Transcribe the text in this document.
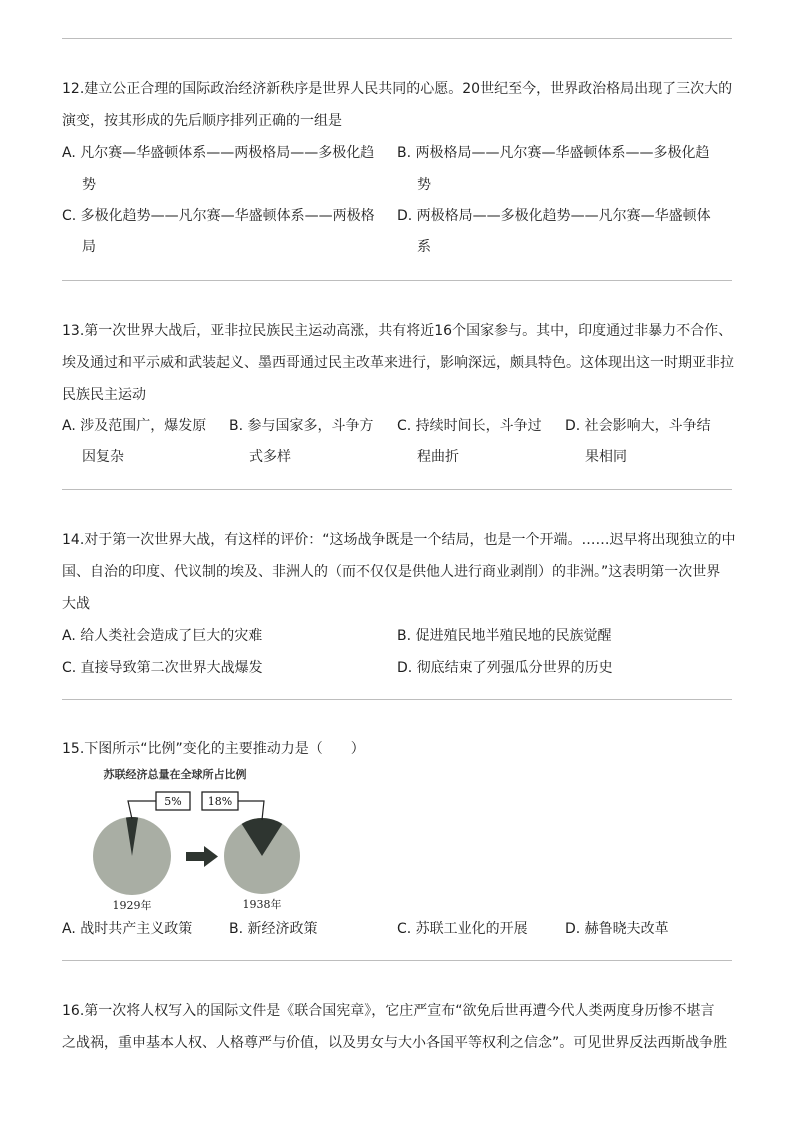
12.建立公正合理的国际政治经济新秩序是世界人民共同的心愿。20世纪至今，世界政治格局出现了三次大的
演变，按其形成的先后顺序排列正确的一组是
A. 凡尔赛—华盛顿体系——两极格局——多极化趋
势
B. 两极格局——凡尔赛—华盛顿体系——多极化趋
势
C. 多极化趋势——凡尔赛—华盛顿体系——两极格
局
D. 两极格局——多极化趋势——凡尔赛—华盛顿体
系
13.第一次世界大战后，亚非拉民族民主运动高涨，共有将近16个国家参与。其中，印度通过非暴力不合作、
埃及通过和平示威和武装起义、墨西哥通过民主改革来进行，影响深远，颇具特色。这体现出这一时期亚非拉
民族民主运动
A. 涉及范围广，爆发原
因复杂
B. 参与国家多，斗争方
式多样
C. 持续时间长，斗争过
程曲折
D. 社会影响大，斗争结
果相同
14.对于第一次世界大战，有这样的评价：“这场战争既是一个结局，也是一个开端。……迟早将出现独立的中
国、自治的印度、代议制的埃及、非洲人的（而不仅仅是供他人进行商业剥削）的非洲。”这表明第一次世界
大战
A. 给人类社会造成了巨大的灾难	B. 促进殖民地半殖民地的民族觉醒
C. 直接导致第二次世界大战爆发	D. 彻底结束了列强瓜分世界的历史
15.下图所示“比例”变化的主要推动力是（　　）
苏联经济总量在全球所占比例
5%
1929年
18%
1938年
A. 战时共产主义政策	B. 新经济政策	C. 苏联工业化的开展	D. 赫鲁晓夫改革
16.第一次将人权写入的国际文件是《联合国宪章》，它庄严宣布“欲免后世再遭今代人类两度身历惨不堪言
之战祸，重申基本人权、人格尊严与价值，以及男女与大小各国平等权利之信念”。可见世界反法西斯战争胜
